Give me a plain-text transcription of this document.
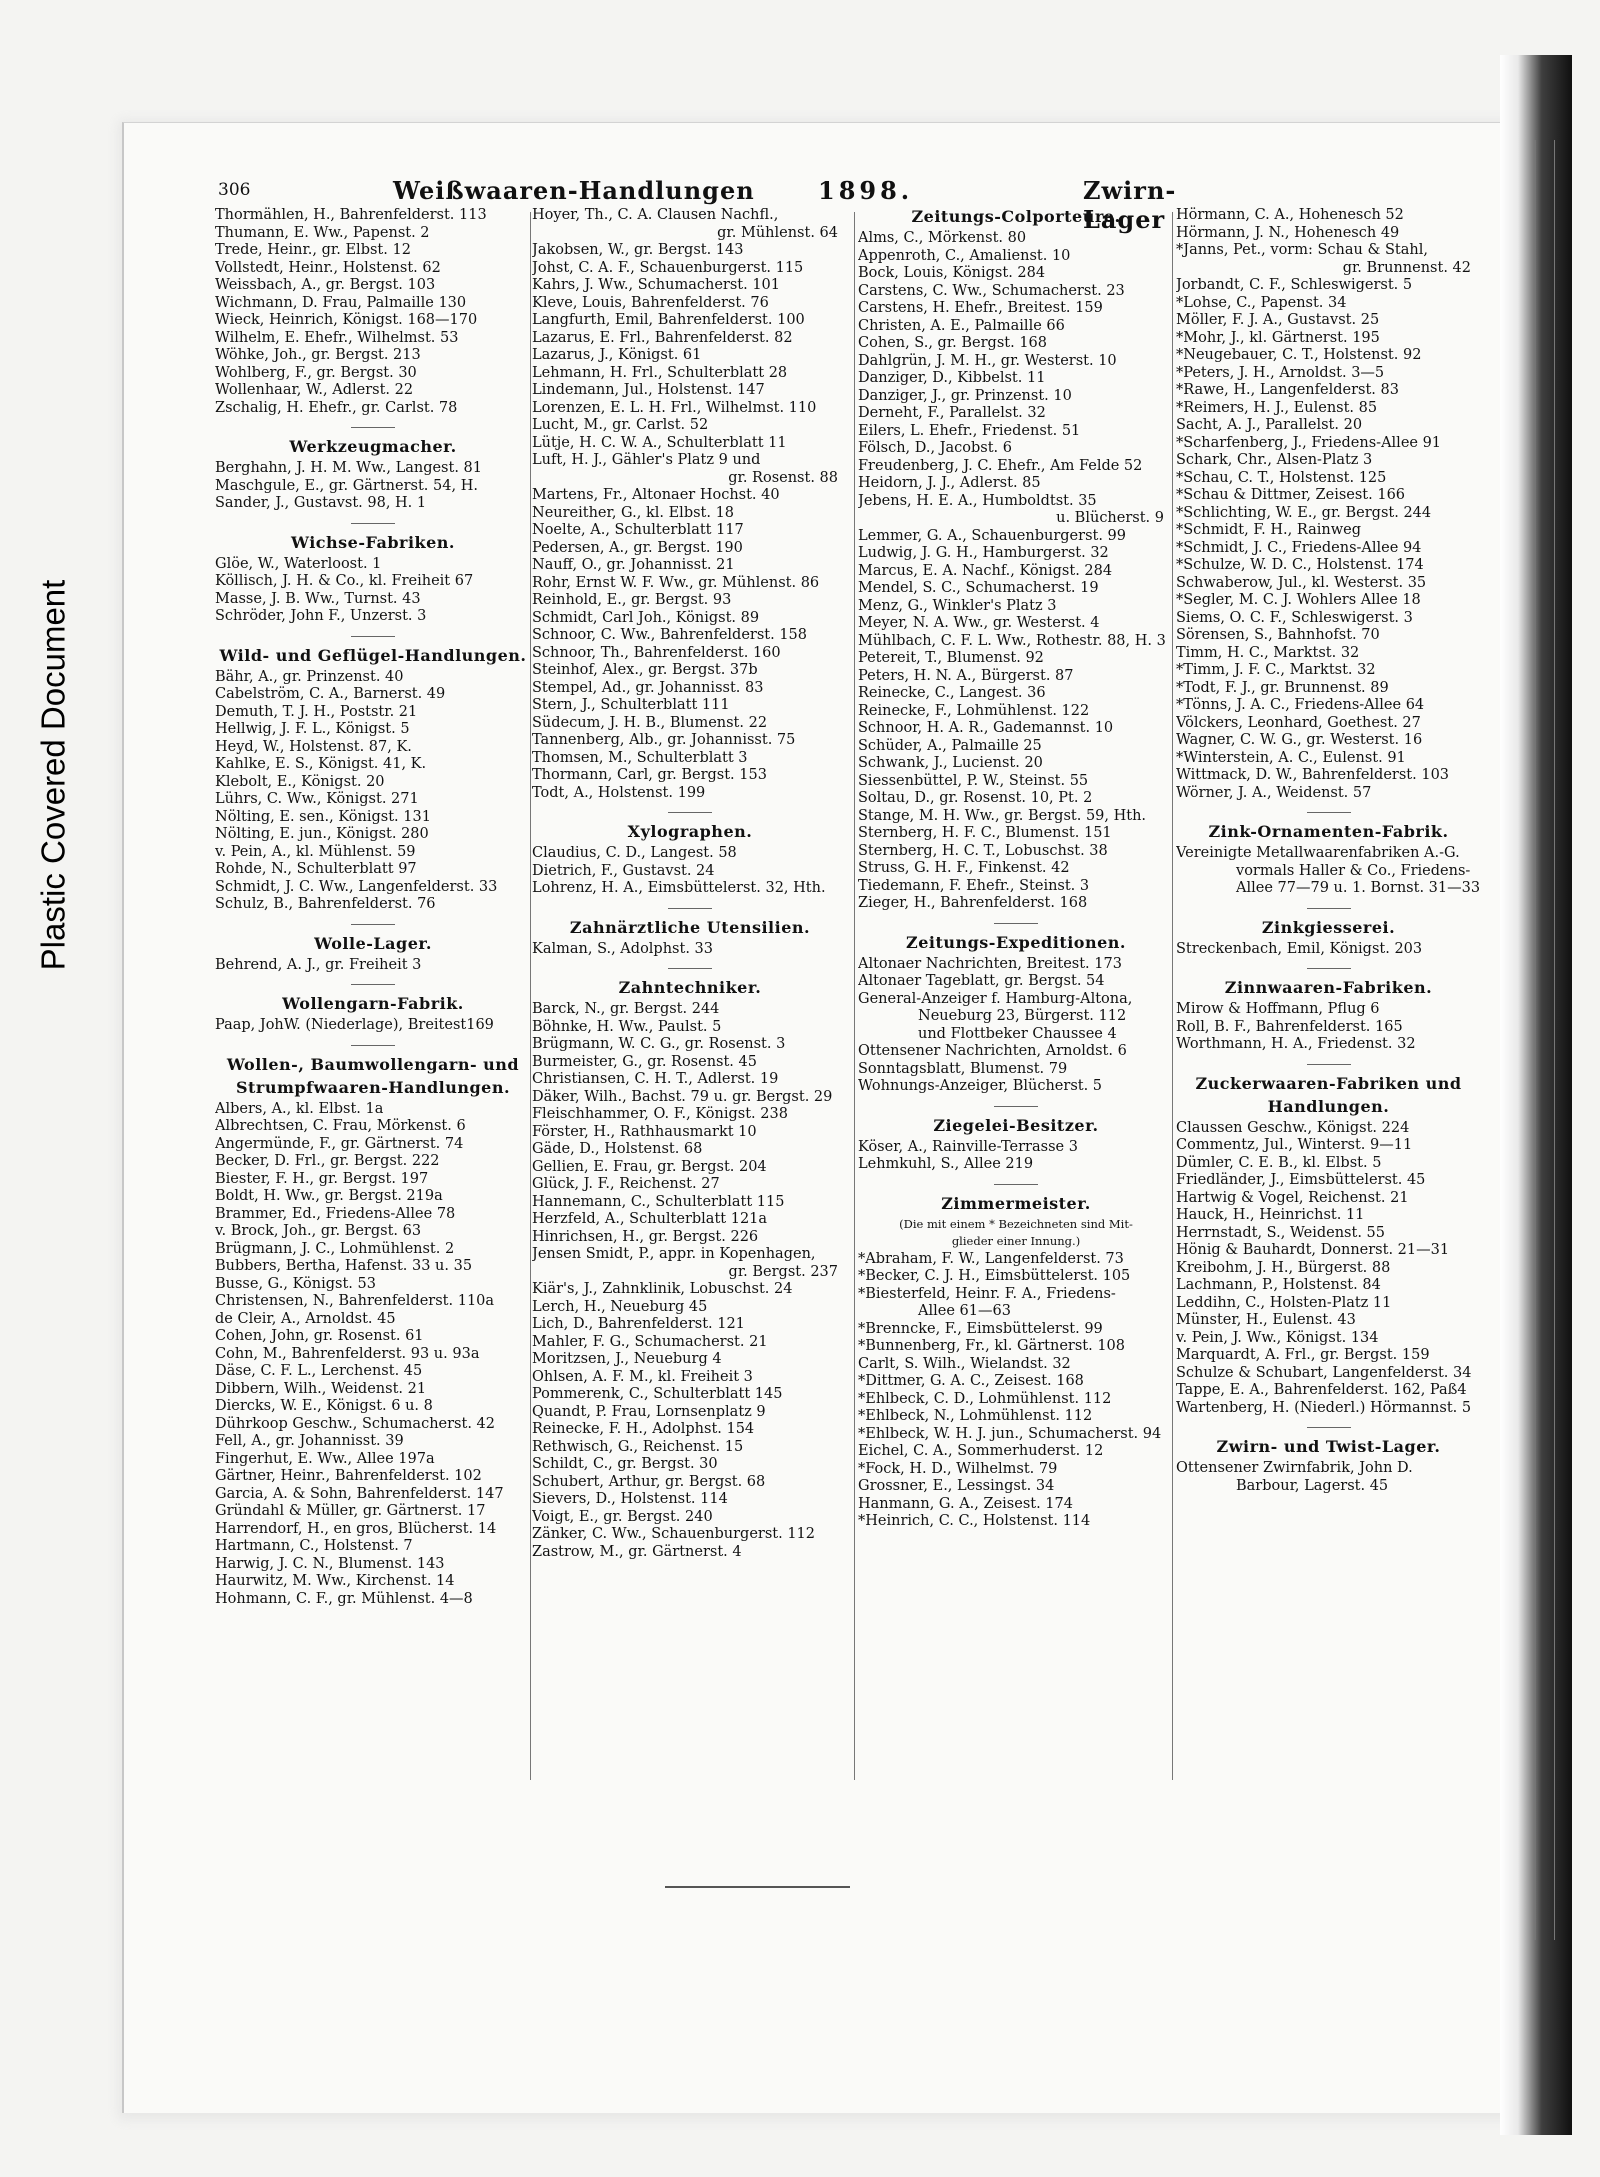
Plastic Covered Document
306	Weißwaaren-Handlungen	1898.	Zwirn-Lager
Thormählen, H., Bahrenfelderst. 113
Thumann, E. Ww., Papenst. 2
Trede, Heinr., gr. Elbst. 12
Vollstedt, Heinr., Holstenst. 62
Weissbach, A., gr. Bergst. 103
Wichmann, D. Frau, Palmaille 130
Wieck, Heinrich, Königst. 168—170
Wilhelm, E. Ehefr., Wilhelmst. 53
Wöhke, Joh., gr. Bergst. 213
Wohlberg, F., gr. Bergst. 30
Wollenhaar, W., Adlerst. 22
Zschalig, H. Ehefr., gr. Carlst. 78
Werkzeugmacher.
Berghahn, J. H. M. Ww., Langest. 81
Maschgule, E., gr. Gärtnerst. 54, H.
Sander, J., Gustavst. 98, H. 1
Wichse-Fabriken.
Glöe, W., Waterloost. 1
Köllisch, J. H. & Co., kl. Freiheit 67
Masse, J. B. Ww., Turnst. 43
Schröder, John F., Unzerst. 3
Wild- und Geflügel-Handlungen.
Bähr, A., gr. Prinzenst. 40
Cabelström, C. A., Barnerst. 49
Demuth, T. J. H., Poststr. 21
Hellwig, J. F. L., Königst. 5
Heyd, W., Holstenst. 87, K.
Kahlke, E. S., Königst. 41, K.
Klebolt, E., Königst. 20
Lührs, C. Ww., Königst. 271
Nölting, E. sen., Königst. 131
Nölting, E. jun., Königst. 280
v. Pein, A., kl. Mühlenst. 59
Rohde, N., Schulterblatt 97
Schmidt, J. C. Ww., Langenfelderst. 33
Schulz, B., Bahrenfelderst. 76
Wolle-Lager.
Behrend, A. J., gr. Freiheit 3
Wollengarn-Fabrik.
Paap, JohW. (Niederlage), Breitest169
Wollen-, Baumwollengarn- und
Strumpfwaaren-Handlungen.
Albers, A., kl. Elbst. 1a
Albrechtsen, C. Frau, Mörkenst. 6
Angermünde, F., gr. Gärtnerst. 74
Becker, D. Frl., gr. Bergst. 222
Biester, F. H., gr. Bergst. 197
Boldt, H. Ww., gr. Bergst. 219a
Brammer, Ed., Friedens-Allee 78
v. Brock, Joh., gr. Bergst. 63
Brügmann, J. C., Lohmühlenst. 2
Bubbers, Bertha, Hafenst. 33 u. 35
Busse, G., Königst. 53
Christensen, N., Bahrenfelderst. 110a
de Cleir, A., Arnoldst. 45
Cohen, John, gr. Rosenst. 61
Cohn, M., Bahrenfelderst. 93 u. 93a
Däse, C. F. L., Lerchenst. 45
Dibbern, Wilh., Weidenst. 21
Diercks, W. E., Königst. 6 u. 8
Dührkoop Geschw., Schumacherst. 42
Fell, A., gr. Johannisst. 39
Fingerhut, E. Ww., Allee 197a
Gärtner, Heinr., Bahrenfelderst. 102
Garcia, A. & Sohn, Bahrenfelderst. 147
Gründahl & Müller, gr. Gärtnerst. 17
Harrendorf, H., en gros, Blücherst. 14
Hartmann, C., Holstenst. 7
Harwig, J. C. N., Blumenst. 143
Haurwitz, M. Ww., Kirchenst. 14
Hohmann, C. F., gr. Mühlenst. 4—8
Hoyer, Th., C. A. Clausen Nachfl.,
gr. Mühlenst. 64
Jakobsen, W., gr. Bergst. 143
Johst, C. A. F., Schauenburgerst. 115
Kahrs, J. Ww., Schumacherst. 101
Kleve, Louis, Bahrenfelderst. 76
Langfurth, Emil, Bahrenfelderst. 100
Lazarus, E. Frl., Bahrenfelderst. 82
Lazarus, J., Königst. 61
Lehmann, H. Frl., Schulterblatt 28
Lindemann, Jul., Holstenst. 147
Lorenzen, E. L. H. Frl., Wilhelmst. 110
Lucht, M., gr. Carlst. 52
Lütje, H. C. W. A., Schulterblatt 11
Luft, H. J., Gähler's Platz 9 und
gr. Rosenst. 88
Martens, Fr., Altonaer Hochst. 40
Neureither, G., kl. Elbst. 18
Noelte, A., Schulterblatt 117
Pedersen, A., gr. Bergst. 190
Nauff, O., gr. Johannisst. 21
Rohr, Ernst W. F. Ww., gr. Mühlenst. 86
Reinhold, E., gr. Bergst. 93
Schmidt, Carl Joh., Königst. 89
Schnoor, C. Ww., Bahrenfelderst. 158
Schnoor, Th., Bahrenfelderst. 160
Steinhof, Alex., gr. Bergst. 37b
Stempel, Ad., gr. Johannisst. 83
Stern, J., Schulterblatt 111
Südecum, J. H. B., Blumenst. 22
Tannenberg, Alb., gr. Johannisst. 75
Thomsen, M., Schulterblatt 3
Thormann, Carl, gr. Bergst. 153
Todt, A., Holstenst. 199
Xylographen.
Claudius, C. D., Langest. 58
Dietrich, F., Gustavst. 24
Lohrenz, H. A., Eimsbüttelerst. 32, Hth.
Zahnärztliche Utensilien.
Kalman, S., Adolphst. 33
Zahntechniker.
Barck, N., gr. Bergst. 244
Böhnke, H. Ww., Paulst. 5
Brügmann, W. C. G., gr. Rosenst. 3
Burmeister, G., gr. Rosenst. 45
Christiansen, C. H. T., Adlerst. 19
Däker, Wilh., Bachst. 79 u. gr. Bergst. 29
Fleischhammer, O. F., Königst. 238
Förster, H., Rathhausmarkt 10
Gäde, D., Holstenst. 68
Gellien, E. Frau, gr. Bergst. 204
Glück, J. F., Reichenst. 27
Hannemann, C., Schulterblatt 115
Herzfeld, A., Schulterblatt 121a
Hinrichsen, H., gr. Bergst. 226
Jensen Smidt, P., appr. in Kopenhagen,
gr. Bergst. 237
Kiär's, J., Zahnklinik, Lobuschst. 24
Lerch, H., Neueburg 45
Lich, D., Bahrenfelderst. 121
Mahler, F. G., Schumacherst. 21
Moritzsen, J., Neueburg 4
Ohlsen, A. F. M., kl. Freiheit 3
Pommerenk, C., Schulterblatt 145
Quandt, P. Frau, Lornsenplatz 9
Reinecke, F. H., Adolphst. 154
Rethwisch, G., Reichenst. 15
Schildt, C., gr. Bergst. 30
Schubert, Arthur, gr. Bergst. 68
Sievers, D., Holstenst. 114
Voigt, E., gr. Bergst. 240
Zänker, C. Ww., Schauenburgerst. 112
Zastrow, M., gr. Gärtnerst. 4
Zeitungs-Colporteure.
Alms, C., Mörkenst. 80
Appenroth, C., Amalienst. 10
Bock, Louis, Königst. 284
Carstens, C. Ww., Schumacherst. 23
Carstens, H. Ehefr., Breitest. 159
Christen, A. E., Palmaille 66
Cohen, S., gr. Bergst. 168
Dahlgrün, J. M. H., gr. Westerst. 10
Danziger, D., Kibbelst. 11
Danziger, J., gr. Prinzenst. 10
Derneht, F., Parallelst. 32
Eilers, L. Ehefr., Friedenst. 51
Fölsch, D., Jacobst. 6
Freudenberg, J. C. Ehefr., Am Felde 52
Heidorn, J. J., Adlerst. 85
Jebens, H. E. A., Humboldtst. 35
u. Blücherst. 9
Lemmer, G. A., Schauenburgerst. 99
Ludwig, J. G. H., Hamburgerst. 32
Marcus, E. A. Nachf., Königst. 284
Mendel, S. C., Schumacherst. 19
Menz, G., Winkler's Platz 3
Meyer, N. A. Ww., gr. Westerst. 4
Mühlbach, C. F. L. Ww., Rothestr. 88, H. 3
Petereit, T., Blumenst. 92
Peters, H. N. A., Bürgerst. 87
Reinecke, C., Langest. 36
Reinecke, F., Lohmühlenst. 122
Schnoor, H. A. R., Gademannst. 10
Schüder, A., Palmaille 25
Schwank, J., Lucienst. 20
Siessenbüttel, P. W., Steinst. 55
Soltau, D., gr. Rosenst. 10, Pt. 2
Stange, M. H. Ww., gr. Bergst. 59, Hth.
Sternberg, H. F. C., Blumenst. 151
Sternberg, H. C. T., Lobuschst. 38
Struss, G. H. F., Finkenst. 42
Tiedemann, F. Ehefr., Steinst. 3
Zieger, H., Bahrenfelderst. 168
Zeitungs-Expeditionen.
Altonaer Nachrichten, Breitest. 173
Altonaer Tageblatt, gr. Bergst. 54
General-Anzeiger f. Hamburg-Altona,
Neueburg 23, Bürgerst. 112
und Flottbeker Chaussee 4
Ottensener Nachrichten, Arnoldst. 6
Sonntagsblatt, Blumenst. 79
Wohnungs-Anzeiger, Blücherst. 5
Ziegelei-Besitzer.
Köser, A., Rainville-Terrasse 3
Lehmkuhl, S., Allee 219
Zimmermeister.
(Die mit einem * Bezeichneten sind Mit-
glieder einer Innung.)
*Abraham, F. W., Langenfelderst. 73
*Becker, C. J. H., Eimsbüttelerst. 105
*Biesterfeld, Heinr. F. A., Friedens-
Allee 61—63
*Brenncke, F., Eimsbüttelerst. 99
*Bunnenberg, Fr., kl. Gärtnerst. 108
Carlt, S. Wilh., Wielandst. 32
*Dittmer, G. A. C., Zeisest. 168
*Ehlbeck, C. D., Lohmühlenst. 112
*Ehlbeck, N., Lohmühlenst. 112
*Ehlbeck, W. H. J. jun., Schumacherst. 94
Eichel, C. A., Sommerhuderst. 12
*Fock, H. D., Wilhelmst. 79
Grossner, E., Lessingst. 34
Hanmann, G. A., Zeisest. 174
*Heinrich, C. C., Holstenst. 114
Hörmann, C. A., Hohenesch 52
Hörmann, J. N., Hohenesch 49
*Janns, Pet., vorm: Schau & Stahl,
gr. Brunnenst. 42
Jorbandt, C. F., Schleswigerst. 5
*Lohse, C., Papenst. 34
Möller, F. J. A., Gustavst. 25
*Mohr, J., kl. Gärtnerst. 195
*Neugebauer, C. T., Holstenst. 92
*Peters, J. H., Arnoldst. 3—5
*Rawe, H., Langenfelderst. 83
*Reimers, H. J., Eulenst. 85
Sacht, A. J., Parallelst. 20
*Scharfenberg, J., Friedens-Allee 91
Schark, Chr., Alsen-Platz 3
*Schau, C. T., Holstenst. 125
*Schau & Dittmer, Zeisest. 166
*Schlichting, W. E., gr. Bergst. 244
*Schmidt, F. H., Rainweg
*Schmidt, J. C., Friedens-Allee 94
*Schulze, W. D. C., Holstenst. 174
Schwaberow, Jul., kl. Westerst. 35
*Segler, M. C. J. Wohlers Allee 18
Siems, O. C. F., Schleswigerst. 3
Sörensen, S., Bahnhofst. 70
Timm, H. C., Marktst. 32
*Timm, J. F. C., Marktst. 32
*Todt, F. J., gr. Brunnenst. 89
*Tönns, J. A. C., Friedens-Allee 64
Völckers, Leonhard, Goethest. 27
Wagner, C. W. G., gr. Westerst. 16
*Winterstein, A. C., Eulenst. 91
Wittmack, D. W., Bahrenfelderst. 103
Wörner, J. A., Weidenst. 57
Zink-Ornamenten-Fabrik.
Vereinigte Metallwaarenfabriken A.-G.
vormals Haller & Co., Friedens-
Allee 77—79 u. 1. Bornst. 31—33
Zinkgiesserei.
Streckenbach, Emil, Königst. 203
Zinnwaaren-Fabriken.
Mirow & Hoffmann, Pflug 6
Roll, B. F., Bahrenfelderst. 165
Worthmann, H. A., Friedenst. 32
Zuckerwaaren-Fabriken und
Handlungen.
Claussen Geschw., Königst. 224
Commentz, Jul., Winterst. 9—11
Dümler, C. E. B., kl. Elbst. 5
Friedländer, J., Eimsbüttelerst. 45
Hartwig & Vogel, Reichenst. 21
Hauck, H., Heinrichst. 11
Herrnstadt, S., Weidenst. 55
Hönig & Bauhardt, Donnerst. 21—31
Kreibohm, J. H., Bürgerst. 88
Lachmann, P., Holstenst. 84
Leddihn, C., Holsten-Platz 11
Münster, H., Eulenst. 43
v. Pein, J. Ww., Königst. 134
Marquardt, A. Frl., gr. Bergst. 159
Schulze & Schubart, Langenfelderst. 34
Tappe, E. A., Bahrenfelderst. 162, Paß4
Wartenberg, H. (Niederl.) Hörmannst. 5
Zwirn- und Twist-Lager.
Ottensener Zwirnfabrik, John D.
Barbour, Lagerst. 45
